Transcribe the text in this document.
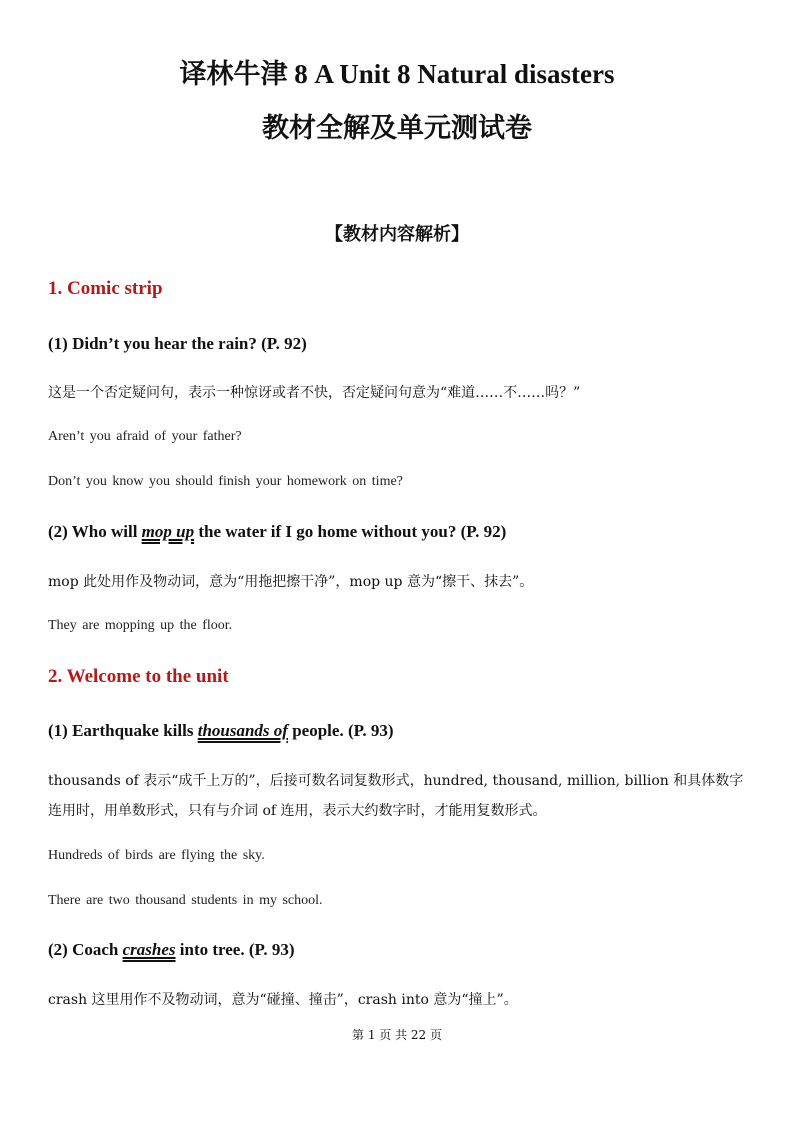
译林牛津 8 A Unit 8 Natural disasters
教材全解及单元测试卷
【教材内容解析】
1. Comic strip
(1) Didn’t you hear the rain? (P. 92)
这是一个否定疑问句，表示一种惊讶或者不快，否定疑问句意为“难道……不……吗？”
Aren’t you afraid of your father?
Don’t you know you should finish your homework on time?
(2) Who will mop up the water if I go home without you? (P. 92)
mop 此处用作及物动词，意为“用拖把擦干净”，mop up 意为“擦干、抹去”。
They are mopping up the floor.
2. Welcome to the unit
(1) Earthquake kills thousands of people. (P. 93)
thousands of 表示“成千上万的”，后接可数名词复数形式，hundred, thousand, million, billion 和具体数字连用时，用单数形式，只有与介词 of 连用，表示大约数字时，才能用复数形式。
Hundreds of birds are flying the sky.
There are two thousand students in my school.
(2) Coach crashes into tree. (P. 93)
crash 这里用作不及物动词，意为“碰撞、撞击”，crash into 意为“撞上”。
第 1 页 共 22 页
